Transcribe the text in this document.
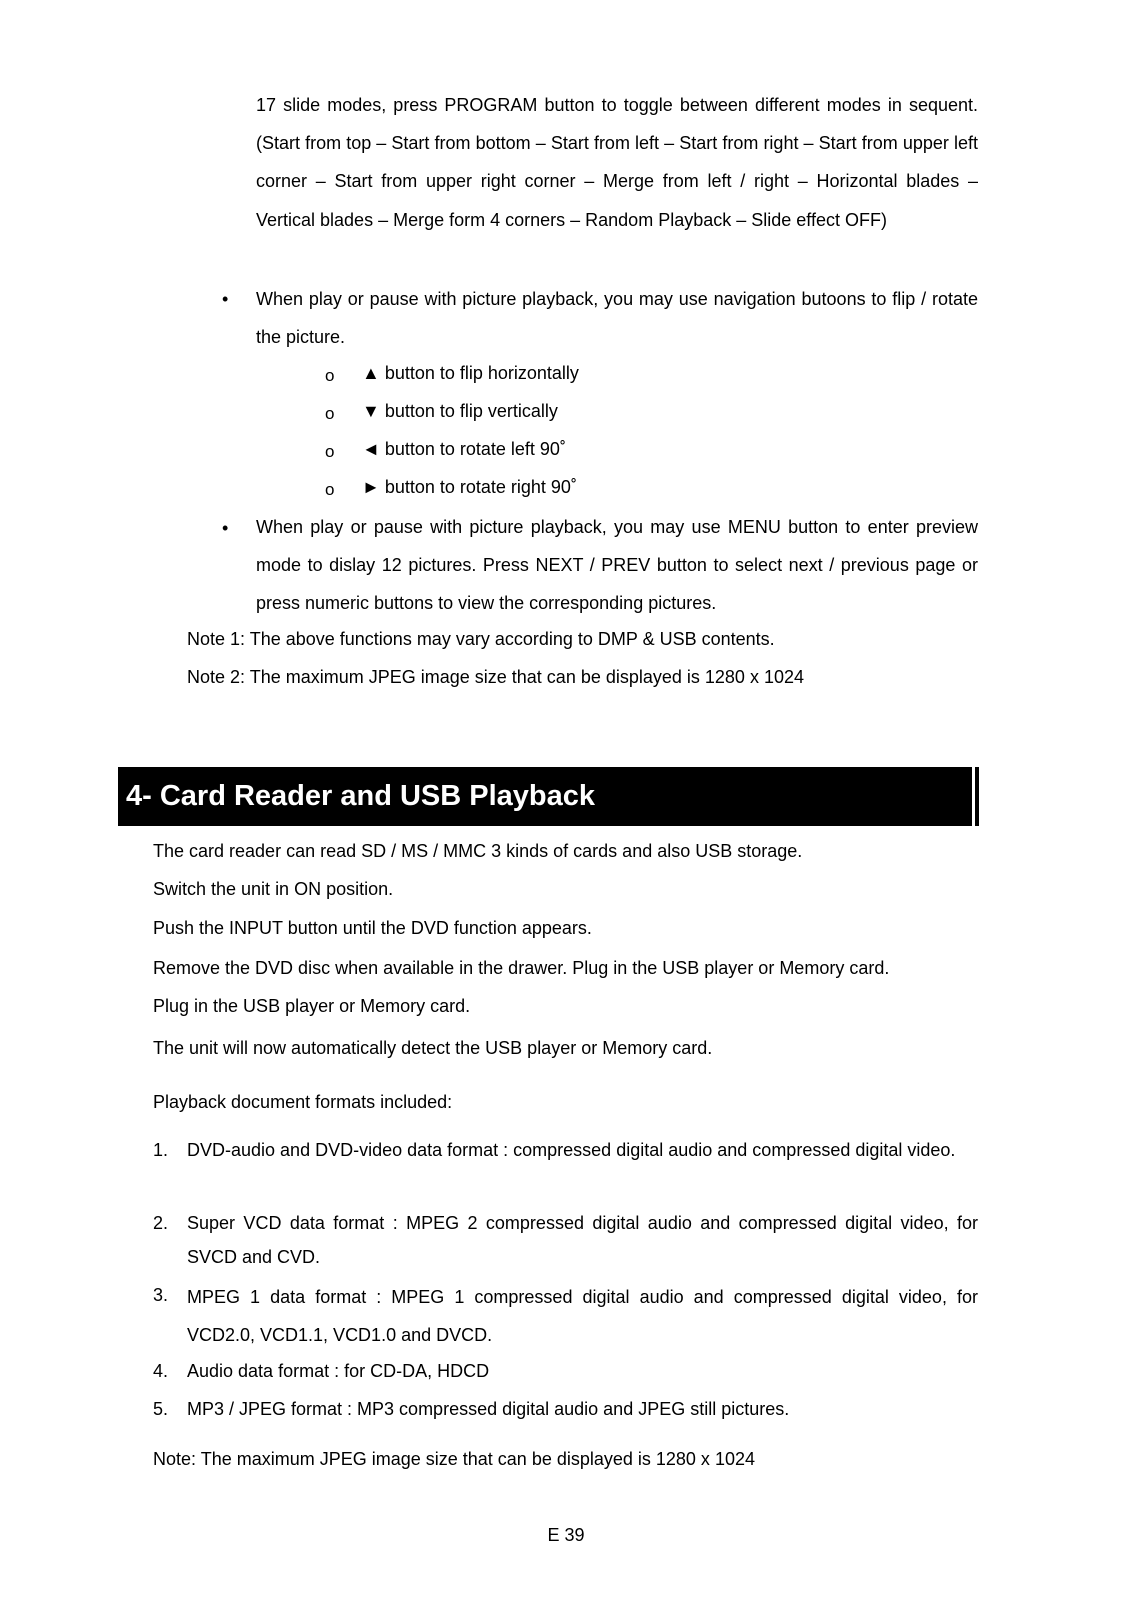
17 slide modes, press PROGRAM button to toggle between different modes in sequent. (Start from top – Start from bottom – Start from left – Start from right – Start from upper left corner – Start from upper right corner – Merge from left / right – Horizontal blades – Vertical blades – Merge form 4 corners – Random Playback – Slide effect OFF)
• When play or pause with picture playback, you may use navigation butoons to flip / rotate the picture.
o ▲ button to flip horizontally
o ▼ button to flip vertically
o ◄ button to rotate left 90˚
o ► button to rotate right 90˚
• When play or pause with picture playback, you may use MENU button to enter preview mode to dislay 12 pictures. Press NEXT / PREV button to select next / previous page or press numeric buttons to view the corresponding pictures.
Note 1: The above functions may vary according to DMP & USB contents.
Note 2: The maximum JPEG image size that can be displayed is 1280 x 1024
4- Card Reader and USB Playback
The card reader can read SD / MS / MMC 3 kinds of cards and also USB storage.
Switch the unit in ON position.
Push the INPUT button until the DVD function appears.
Remove the DVD disc when available in the drawer. Plug in the USB player or Memory card.
Plug in the USB player or Memory card.
The unit will now automatically detect the USB player or Memory card.
Playback document formats included:
1. DVD-audio and DVD-video data format : compressed digital audio and compressed digital video.
2. Super VCD data format : MPEG 2 compressed digital audio and compressed digital video, for SVCD and CVD.
3. MPEG 1 data format : MPEG 1 compressed digital audio and compressed digital video, for VCD2.0, VCD1.1, VCD1.0 and DVCD.
4. Audio data format : for CD-DA, HDCD
5. MP3 / JPEG format : MP3 compressed digital audio and JPEG still pictures.
Note: The maximum JPEG image size that can be displayed is 1280 x 1024
E 39
